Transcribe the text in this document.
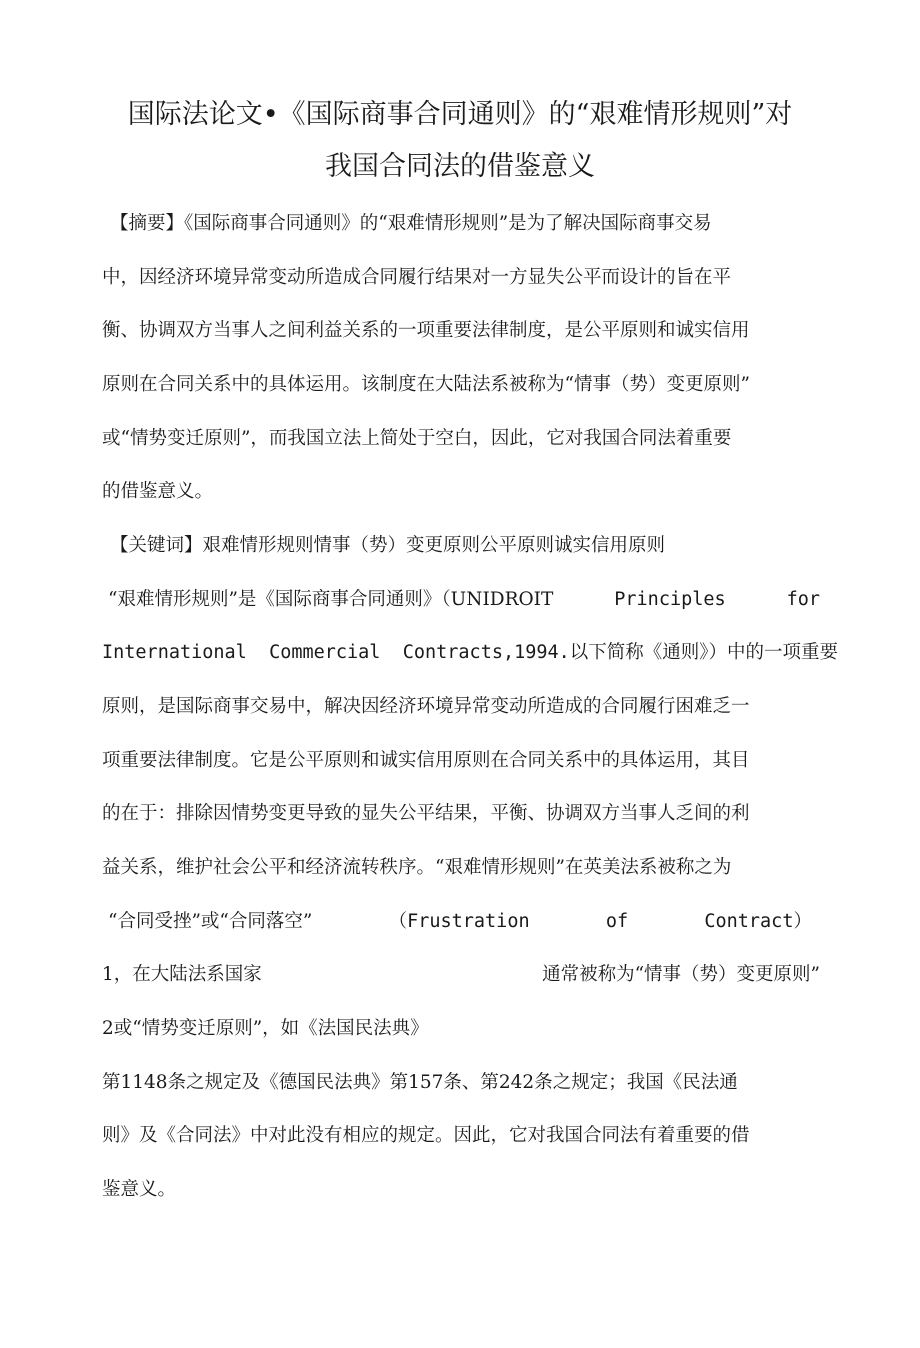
国际法论文•《国际商事合同通则》的“艰难情形规则”对
我国合同法的借鉴意义
【摘要】《国际商事合同通则》的“艰难情形规则”是为了解决国际商事交易
中，因经济环境异常变动所造成合同履行结果对一方显失公平而设计的旨在平
衡、协调双方当事人之间利益关系的一项重要法律制度，是公平原则和诚实信用
原则在合同关系中的具体运用。该制度在大陆法系被称为“情事（势）变更原则”
或“情势变迁原则”，而我国立法上简处于空白，因此，它对我国合同法着重要
的借鉴意义。
【关键词】艰难情形规则情事（势）变更原则公平原则诚实信用原则
“艰难情形规则”是《国际商事合同通则》（UNIDROIT	Principles	for
International  Commercial  Contracts,1994.以下简称《通则》）中的一项重要
原则，是国际商事交易中，解决因经济环境异常变动所造成的合同履行困难乏一
项重要法律制度。它是公平原则和诚实信用原则在合同关系中的具体运用，其目
的在于：排除因情势变更导致的显失公平结果，平衡、协调双方当事人乏间的利
益关系，维护社会公平和经济流转秩序。“艰难情形规则”在英美法系被称之为
“合同受挫”或“合同落空”	（Frustration	of	Contract）
1，在大陆法系国家	通常被称为“情事（势）变更原则”
2或“情势变迁原则”，如《法国民法典》
第1148条之规定及《德国民法典》第157条、第242条之规定；我国《民法通
则》及《合同法》中对此没有相应的规定。因此，它对我国合同法有着重要的借
鉴意义。
